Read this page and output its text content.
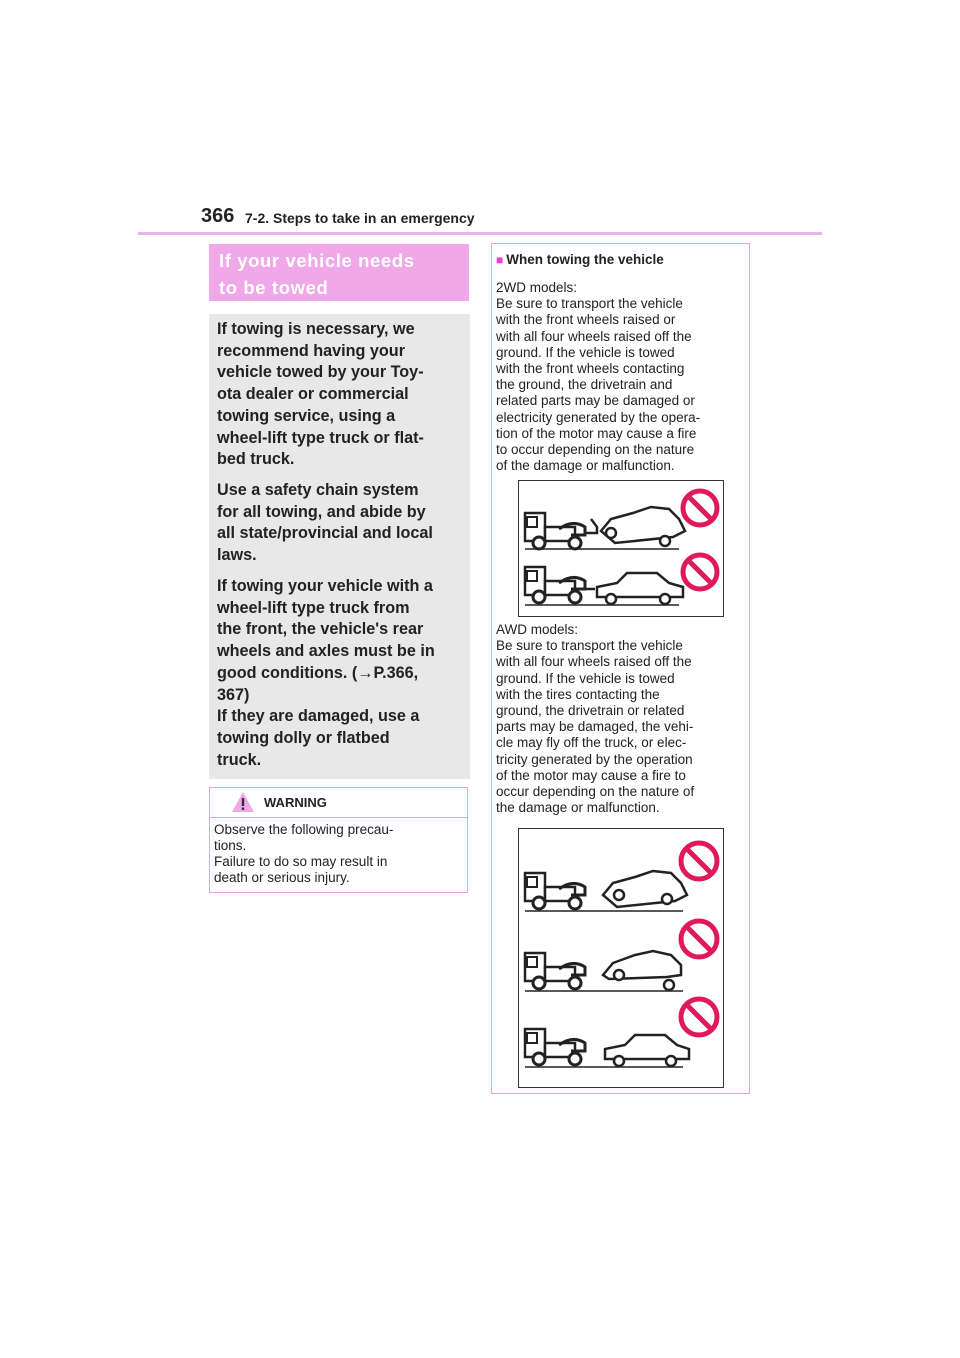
366 7-2. Steps to take in an emergency
If your vehicle needs
to be towed

If towing is necessary, we

recommend having your

vehicle towed by your Toy-

ota dealer or commercial

towing service, using a

wheel-lift type truck or flat-

bed truck.

Use a safety chain system

for all towing, and abide by

all state/provincial and local

laws.

If towing your vehicle with a

wheel-lift type truck from

the front, the vehicle's rear

wheels and axles must be in

good conditions. (→P.366,

367)

If they are damaged, use a

towing dolly or flatbed

truck.

WARNING
Observe the following precau-
tions.
Failure to do so may result in
death or serious injury.
■ When towing the vehicle
2WD models:
Be sure to transport the vehicle
with the front wheels raised or
with all four wheels raised off the
ground. If the vehicle is towed
with the front wheels contacting
the ground, the drivetrain and
related parts may be damaged or
electricity generated by the opera-
tion of the motor may cause a fire
to occur depending on the nature
of the damage or malfunction.
AWD models:
Be sure to transport the vehicle
with all four wheels raised off the
ground. If the vehicle is towed
with the tires contacting the
ground, the drivetrain or related
parts may be damaged, the vehi-
cle may fly off the truck, or elec-
tricity generated by the operation
of the motor may cause a fire to
occur depending on the nature of
the damage or malfunction.
